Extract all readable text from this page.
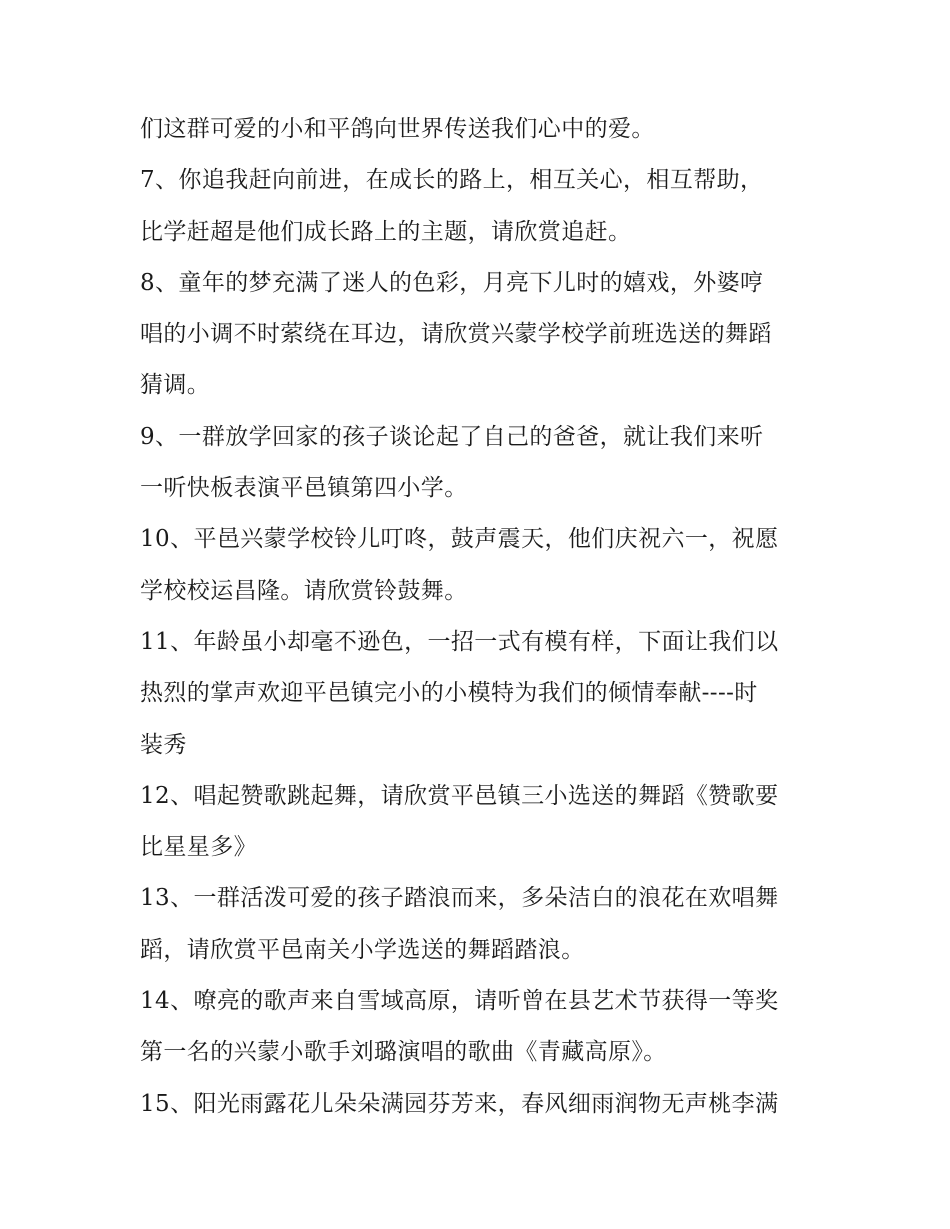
们这群可爱的小和平鸽向世界传送我们心中的爱。
7、你追我赶向前进，在成长的路上，相互关心，相互帮助，
比学赶超是他们成长路上的主题，请欣赏追赶。
8、童年的梦充满了迷人的色彩，月亮下儿时的嬉戏，外婆哼
唱的小调不时萦绕在耳边，请欣赏兴蒙学校学前班选送的舞蹈
猜调。
9、一群放学回家的孩子谈论起了自己的爸爸，就让我们来听
一听快板表演平邑镇第四小学。
10、平邑兴蒙学校铃儿叮咚，鼓声震天，他们庆祝六一，祝愿
学校校运昌隆。请欣赏铃鼓舞。
11、年龄虽小却毫不逊色，一招一式有模有样，下面让我们以
热烈的掌声欢迎平邑镇完小的小模特为我们的倾情奉献----时
装秀
12、唱起赞歌跳起舞，请欣赏平邑镇三小选送的舞蹈《赞歌要
比星星多》
13、一群活泼可爱的孩子踏浪而来，多朵洁白的浪花在欢唱舞
蹈，请欣赏平邑南关小学选送的舞蹈踏浪。
14、嘹亮的歌声来自雪域高原，请听曾在县艺术节获得一等奖
第一名的兴蒙小歌手刘璐演唱的歌曲《青藏高原》。
15、阳光雨露花儿朵朵满园芬芳来，春风细雨润物无声桃李满
